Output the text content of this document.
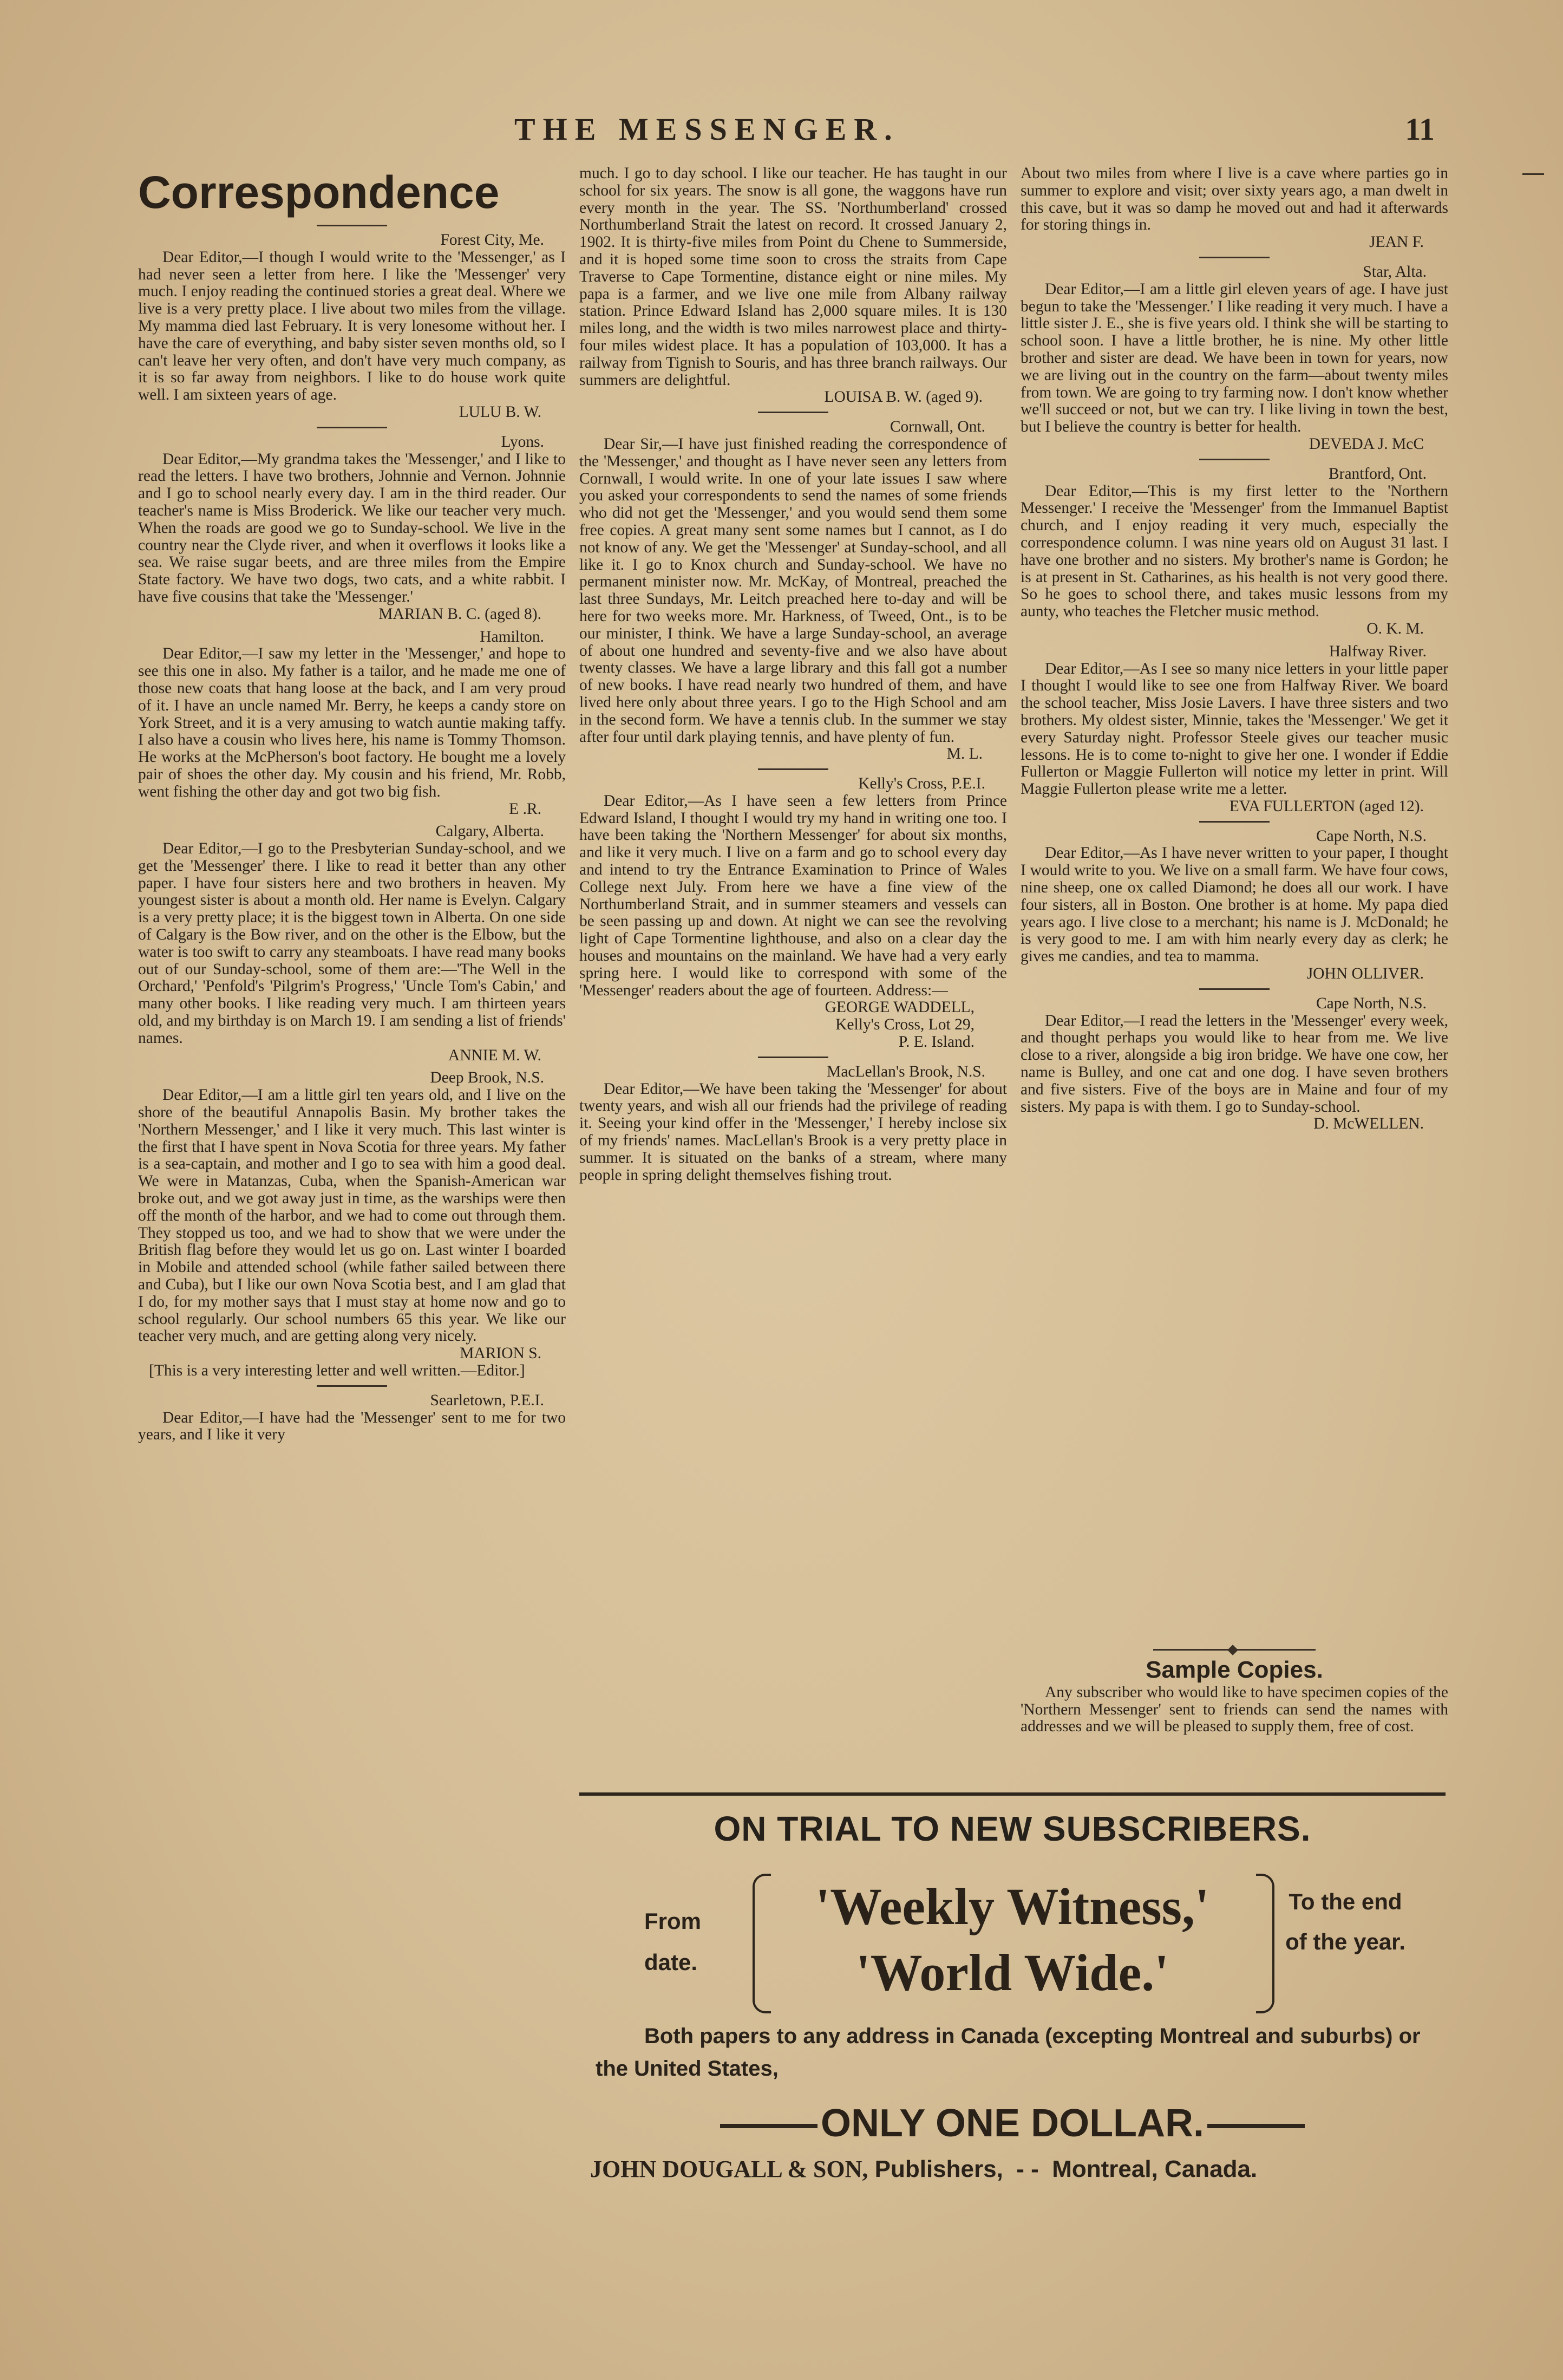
THE MESSENGER.	11
Correspondence

Forest City, Me.

Dear Editor,—I though I would write to the 'Messenger,' as I had never seen a letter from here. I like the 'Messenger' very much. I enjoy reading the continued stories a great deal. Where we live is a very pretty place. I live about two miles from the village. My mamma died last February. It is very lonesome without her. I have the care of everything, and baby sister seven months old, so I can't leave her very often, and don't have very much company, as it is so far away from neighbors. I like to do house work quite well. I am sixteen years of age.

LULU B. W.

Lyons.

Dear Editor,—My grandma takes the 'Messenger,' and I like to read the letters. I have two brothers, Johnnie and Vernon. Johnnie and I go to school nearly every day. I am in the third reader. Our teacher's name is Miss Broderick. We like our teacher very much. When the roads are good we go to Sunday-school. We live in the country near the Clyde river, and when it overflows it looks like a sea. We raise sugar beets, and are three miles from the Empire State factory. We have two dogs, two cats, and a white rabbit. I have five cousins that take the 'Messenger.'

MARIAN B. C. (aged 8).

Hamilton.

Dear Editor,—I saw my letter in the 'Messenger,' and hope to see this one in also. My father is a tailor, and he made me one of those new coats that hang loose at the back, and I am very proud of it. I have an uncle named Mr. Berry, he keeps a candy store on York Street, and it is a very amusing to watch auntie making taffy. I also have a cousin who lives here, his name is Tommy Thomson. He works at the McPherson's boot factory. He bought me a lovely pair of shoes the other day. My cousin and his friend, Mr. Robb, went fishing the other day and got two big fish.

E .R.

Calgary, Alberta.

Dear Editor,—I go to the Presbyterian Sunday-school, and we get the 'Messenger' there. I like to read it better than any other paper. I have four sisters here and two brothers in heaven. My youngest sister is about a month old. Her name is Evelyn. Calgary is a very pretty place; it is the biggest town in Alberta. On one side of Calgary is the Bow river, and on the other is the Elbow, but the water is too swift to carry any steamboats. I have read many books out of our Sunday-school, some of them are:—'The Well in the Orchard,' 'Penfold's 'Pilgrim's Progress,' 'Uncle Tom's Cabin,' and many other books. I like reading very much. I am thirteen years old, and my birthday is on March 19. I am sending a list of friends' names.

ANNIE M. W.

Deep Brook, N.S.

Dear Editor,—I am a little girl ten years old, and I live on the shore of the beautiful Annapolis Basin. My brother takes the 'Northern Messenger,' and I like it very much. This last winter is the first that I have spent in Nova Scotia for three years. My father is a sea-captain, and mother and I go to sea with him a good deal. We were in Matanzas, Cuba, when the Spanish-American war broke out, and we got away just in time, as the warships were then off the month of the harbor, and we had to come out through them. They stopped us too, and we had to show that we were under the British flag before they would let us go on. Last winter I boarded in Mobile and attended school (while father sailed between there and Cuba), but I like our own Nova Scotia best, and I am glad that I do, for my mother says that I must stay at home now and go to school regularly. Our school numbers 65 this year. We like our teacher very much, and are getting along very nicely.

MARION S.

[This is a very interesting letter and well written.—Editor.]

Searletown, P.E.I.

Dear Editor,—I have had the 'Messenger' sent to me for two years, and I like it very

much. I go to day school. I like our teacher. He has taught in our school for six years. The snow is all gone, the waggons have run every month in the year. The SS. 'Northumberland' crossed Northumberland Strait the latest on record. It crossed January 2, 1902. It is thirty-five miles from Point du Chene to Summerside, and it is hoped some time soon to cross the straits from Cape Traverse to Cape Tormentine, distance eight or nine miles. My papa is a farmer, and we live one mile from Albany railway station. Prince Edward Island has 2,000 square miles. It is 130 miles long, and the width is two miles narrowest place and thirty-four miles widest place. It has a population of 103,000. It has a railway from Tignish to Souris, and has three branch railways. Our summers are delightful.

LOUISA B. W. (aged 9).

Cornwall, Ont.

Dear Sir,—I have just finished reading the correspondence of the 'Messenger,' and thought as I have never seen any letters from Cornwall, I would write. In one of your late issues I saw where you asked your correspondents to send the names of some friends who did not get the 'Messenger,' and you would send them some free copies. A great many sent some names but I cannot, as I do not know of any. We get the 'Messenger' at Sunday-school, and all like it. I go to Knox church and Sunday-school. We have no permanent minister now. Mr. McKay, of Montreal, preached the last three Sundays, Mr. Leitch preached here to-day and will be here for two weeks more. Mr. Harkness, of Tweed, Ont., is to be our minister, I think. We have a large Sunday-school, an average of about one hundred and seventy-five and we also have about twenty classes. We have a large library and this fall got a number of new books. I have read nearly two hundred of them, and have lived here only about three years. I go to the High School and am in the second form. We have a tennis club. In the summer we stay after four until dark playing tennis, and have plenty of fun.

M. L.

Kelly's Cross, P.E.I.

Dear Editor,—As I have seen a few letters from Prince Edward Island, I thought I would try my hand in writing one too. I have been taking the 'Northern Messenger' for about six months, and like it very much. I live on a farm and go to school every day and intend to try the Entrance Examination to Prince of Wales College next July. From here we have a fine view of the Northumberland Strait, and in summer steamers and vessels can be seen passing up and down. At night we can see the revolving light of Cape Tormentine lighthouse, and also on a clear day the houses and mountains on the mainland. We have had a very early spring here. I would like to correspond with some of the 'Messenger' readers about the age of fourteen. Address:—

GEORGE WADDELL,

Kelly's Cross, Lot 29,

P. E. Island.

MacLellan's Brook, N.S.

Dear Editor,—We have been taking the 'Messenger' for about twenty years, and wish all our friends had the privilege of reading it. Seeing your kind offer in the 'Messenger,' I hereby inclose six of my friends' names. MacLellan's Brook is a very pretty place in summer. It is situated on the banks of a stream, where many people in spring delight themselves fishing trout.

About two miles from where I live is a cave where parties go in summer to explore and visit; over sixty years ago, a man dwelt in this cave, but it was so damp he moved out and had it afterwards for storing things in.

JEAN F.

Star, Alta.

Dear Editor,—I am a little girl eleven years of age. I have just begun to take the 'Messenger.' I like reading it very much. I have a little sister J. E., she is five years old. I think she will be starting to school soon. I have a little brother, he is nine. My other little brother and sister are dead. We have been in town for years, now we are living out in the country on the farm—about twenty miles from town. We are going to try farming now. I don't know whether we'll succeed or not, but we can try. I like living in town the best, but I believe the country is better for health.

DEVEDA J. McC

Brantford, Ont.

Dear Editor,—This is my first letter to the 'Northern Messenger.' I receive the 'Messenger' from the Immanuel Baptist church, and I enjoy reading it very much, especially the correspondence column. I was nine years old on August 31 last. I have one brother and no sisters. My brother's name is Gordon; he is at present in St. Catharines, as his health is not very good there. So he goes to school there, and takes music lessons from my aunty, who teaches the Fletcher music method.

O. K. M.

Halfway River.

Dear Editor,—As I see so many nice letters in your little paper I thought I would like to see one from Halfway River. We board the school teacher, Miss Josie Lavers. I have three sisters and two brothers. My oldest sister, Minnie, takes the 'Messenger.' We get it every Saturday night. Professor Steele gives our teacher music lessons. He is to come to-night to give her one. I wonder if Eddie Fullerton or Maggie Fullerton will notice my letter in print. Will Maggie Fullerton please write me a letter.

EVA FULLERTON (aged 12).

Cape North, N.S.

Dear Editor,—As I have never written to your paper, I thought I would write to you. We live on a small farm. We have four cows, nine sheep, one ox called Diamond; he does all our work. I have four sisters, all in Boston. One brother is at home. My papa died years ago. I live close to a merchant; his name is J. McDonald; he is very good to me. I am with him nearly every day as clerk; he gives me candies, and tea to mamma.

JOHN OLLIVER.

Cape North, N.S.

Dear Editor,—I read the letters in the 'Messenger' every week, and thought perhaps you would like to hear from me. We live close to a river, alongside a big iron bridge. We have one cow, her name is Bulley, and one cat and one dog. I have seven brothers and five sisters. Five of the boys are in Maine and four of my sisters. My papa is with them. I go to Sunday-school.

D. McWELLEN.

Sample Copies.

Any subscriber who would like to have specimen copies of the 'Northern Messenger' sent to friends can send the names with addresses and we will be pleased to supply them, free of cost.

ON TRIAL TO NEW SUBSCRIBERS.
From date.
'Weekly Witness,'
'World Wide.'
To the end of the year.
Both papers to any address in Canada (excepting Montreal and suburbs) or the United States,
ONLY ONE DOLLAR.
JOHN DOUGALL & SON, Publishers, - - Montreal, Canada.
